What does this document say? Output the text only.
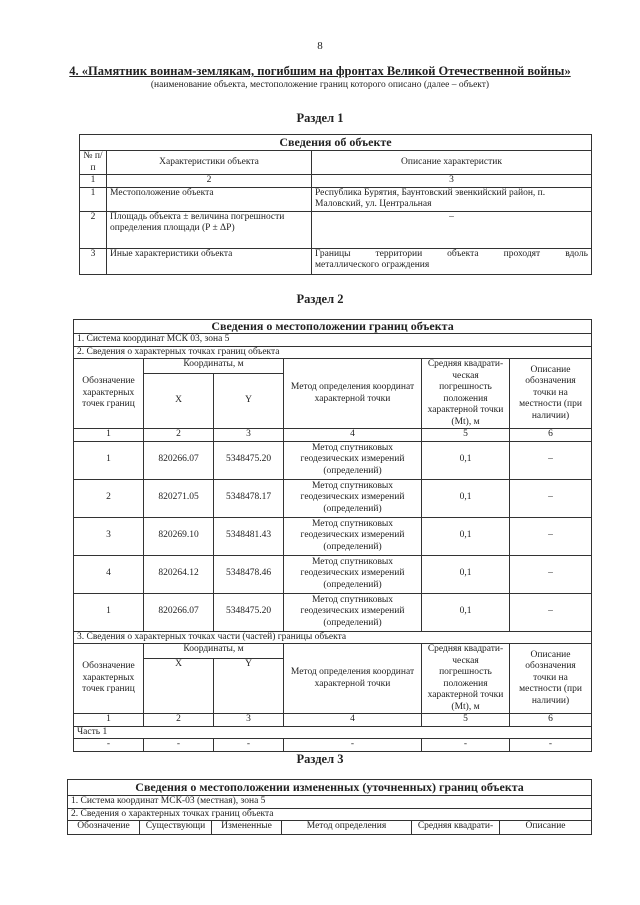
8
4. «Памятник воинам-землякам, погибшим на фронтах Великой Отечественной войны»
(наименование объекта, местоположение границ которого описано (далее – объект)
Раздел 1
Сведения об объекте		
№ п/п	Характеристики объекта	Описание характеристик
1	2	3
1	Местоположение объекта	Республика Бурятия, Баунтовский эвенкийский район, п. Маловский, ул. Центральная
2	Площадь объекта ± величина погрешности определения площади (P ± ΔP)	–
3	Иные характеристики объекта	Границы территории объекта проходят вдоль
металлического ограждения
Раздел 2
Сведения о местоположении границ объекта					
1. Система координат МСК 03, зона 5					
2. Сведения о характерных точках границ объекта					
Обозначение характерных точек границ	Координаты, м		Метод определения координат характерной точки	Средняя квадрати-ческая погрешность положения характерной точки (Mt), м	Описание обозначения точки на местности (при наличии)
	X	Y			
1	2	3	4	5	6
1	820266.07	5348475.20	Метод спутниковых геодезических измерений (определений)	0,1	–
2	820271.05	5348478.17	Метод спутниковых геодезических измерений (определений)	0,1	–
3	820269.10	5348481.43	Метод спутниковых геодезических измерений (определений)	0,1	–
4	820264.12	5348478.46	Метод спутниковых геодезических измерений (определений)	0,1	–
1	820266.07	5348475.20	Метод спутниковых геодезических измерений (определений)	0,1	–
3. Сведения о характерных точках части (частей) границы объекта					
Обозначение характерных точек границ	Координаты, м		Метод определения координат характерной точки	Средняя квадрати-ческая погрешность положения характерной точки (Mt), м	Описание обозначения точки на местности (при наличии)
	X	Y			
1	2	3	4	5	6
Часть 1					
-	-	-	-	-	-
Раздел 3
Сведения о местоположении измененных (уточненных) границ объекта
1. Система координат МСК-03 (местная), зона 5
2. Сведения о характерных точках границ объекта
Обозначение	Существующи	Измененные	Метод определения	Средняя квадрати-	Описание
